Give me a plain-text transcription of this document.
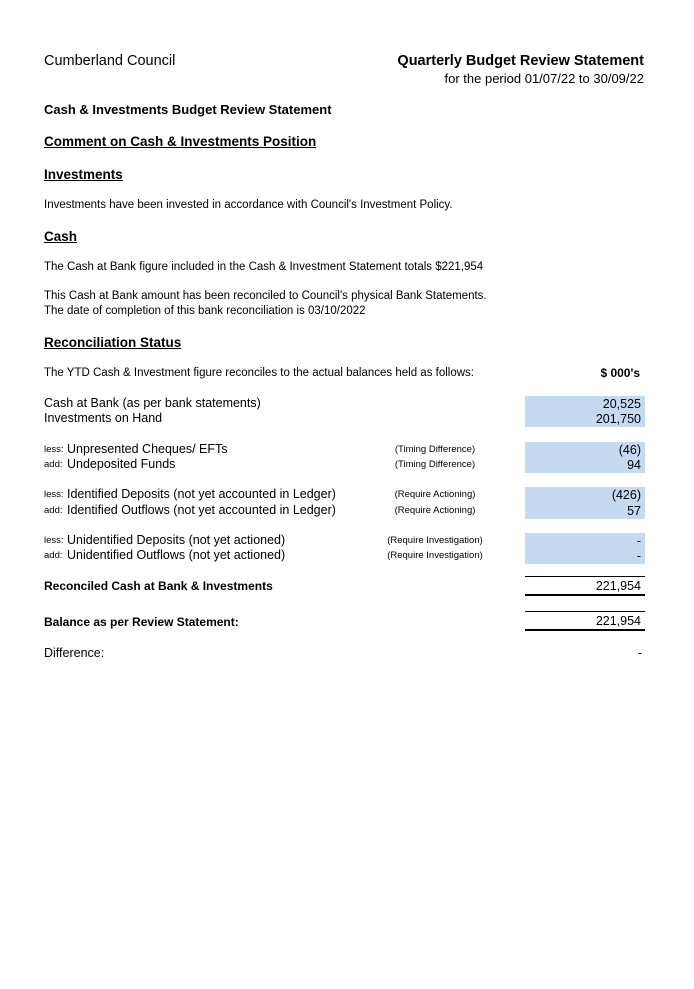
Cumberland Council	Quarterly Budget Review Statement
for the period 01/07/22 to 30/09/22
Cash & Investments Budget Review Statement
Comment on Cash & Investments Position
Investments
Investments have been invested in accordance with Council's Investment Policy.
Cash
The Cash at Bank figure included in the Cash & Investment Statement totals $221,954
This Cash at Bank amount has been reconciled to Council's physical Bank Statements.
The date of completion of this bank reconciliation is 03/10/2022
Reconciliation Status
The YTD Cash & Investment figure reconciles to the actual balances held as follows:	$ 000's
Cash at Bank (as per bank statements)	20,525
Investments on Hand	201,750
less: Unpresented Cheques/ EFTs	(Timing Difference)	(46)
add: Undeposited Funds	(Timing Difference)	94
less: Identified Deposits (not yet accounted in Ledger)	(Require Actioning)	(426)
add: Identified Outflows (not yet accounted in Ledger)	(Require Actioning)	57
less: Unidentified Deposits (not yet actioned)	(Require Investigation)	-
add: Unidentified Outflows (not yet actioned)	(Require Investigation)	-
Reconciled Cash at Bank & Investments	221,954
Balance as per Review Statement:	221,954
Difference:	-
